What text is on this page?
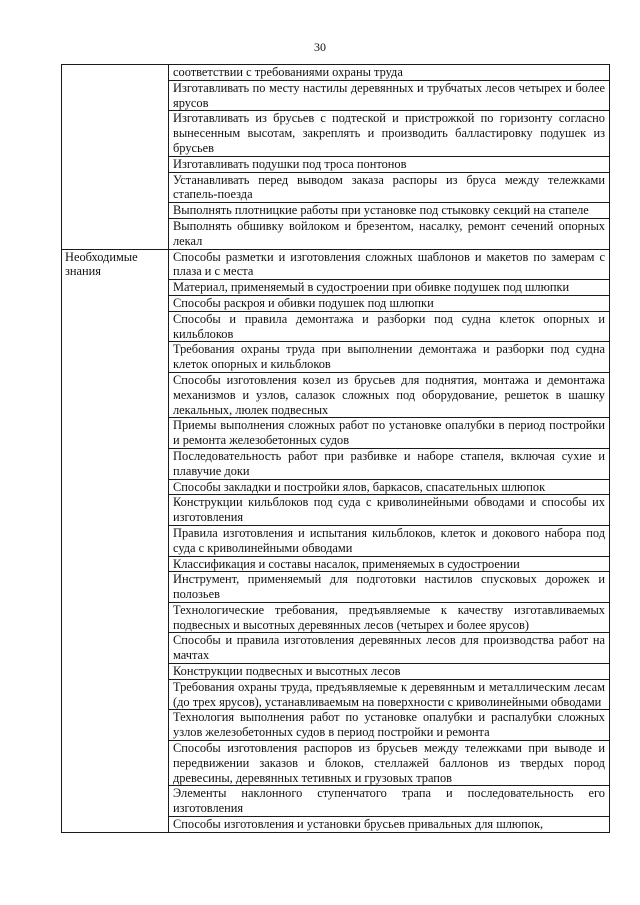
30
	соответствии с требованиями охраны труда
	Изготавливать по месту настилы деревянных и трубчатых лесов четырех и более ярусов
	Изготавливать из брусьев с подтеской и пристрожкой по горизонту согласно вынесенным высотам, закреплять и производить балластировку подушек из брусьев
	Изготавливать подушки под троса понтонов
	Устанавливать перед выводом заказа распоры из бруса между тележками стапель-поезда
	Выполнять плотницкие работы при установке под стыковку секций на стапеле
	Выполнять обшивку войлоком и брезентом, насалку, ремонт сечений опорных лекал

Необходимые знания	Способы разметки и изготовления сложных шаблонов и макетов по замерам с плаза и с места
	Материал, применяемый в судостроении при обивке подушек под шлюпки
	Способы раскроя и обивки подушек под шлюпки
	Способы и правила демонтажа и разборки под судна клеток опорных и кильблоков
	Требования охраны труда при выполнении демонтажа и разборки под судна клеток опорных и кильблоков
	Способы изготовления козел из брусьев для поднятия, монтажа и демонтажа механизмов и узлов, салазок сложных под оборудование, решеток в шашку лекальных, люлек подвесных
	Приемы выполнения сложных работ по установке опалубки в период постройки и ремонта железобетонных судов
	Последовательность работ при разбивке и наборе стапеля, включая сухие и плавучие доки
	Способы закладки и постройки ялов, баркасов, спасательных шлюпок
	Конструкции кильблоков под суда с криволинейными обводами и способы их изготовления
	Правила изготовления и испытания кильблоков, клеток и докового набора под суда с криволинейными обводами
	Классификация и составы насалок, применяемых в судостроении
	Инструмент, применяемый для подготовки настилов спусковых дорожек и полозьев
	Технологические требования, предъявляемые к качеству изготавливаемых подвесных и высотных деревянных лесов (четырех и более ярусов)
	Способы и правила изготовления деревянных лесов для производства работ на мачтах
	Конструкции подвесных и высотных лесов
	Требования охраны труда, предъявляемые к деревянным и металлическим лесам (до трех ярусов), устанавливаемым на поверхности с криволинейными обводами
	Технология выполнения работ по установке опалубки и распалубки сложных узлов железобетонных судов в период постройки и ремонта
	Способы изготовления распоров из брусьев между тележками при выводе и передвижении заказов и блоков, стеллажей баллонов из твердых пород древесины, деревянных тетивных и грузовых трапов
	Элементы наклонного ступенчатого трапа и последовательность его изготовления
	Способы изготовления и установки брусьев привальных для шлюпок,
